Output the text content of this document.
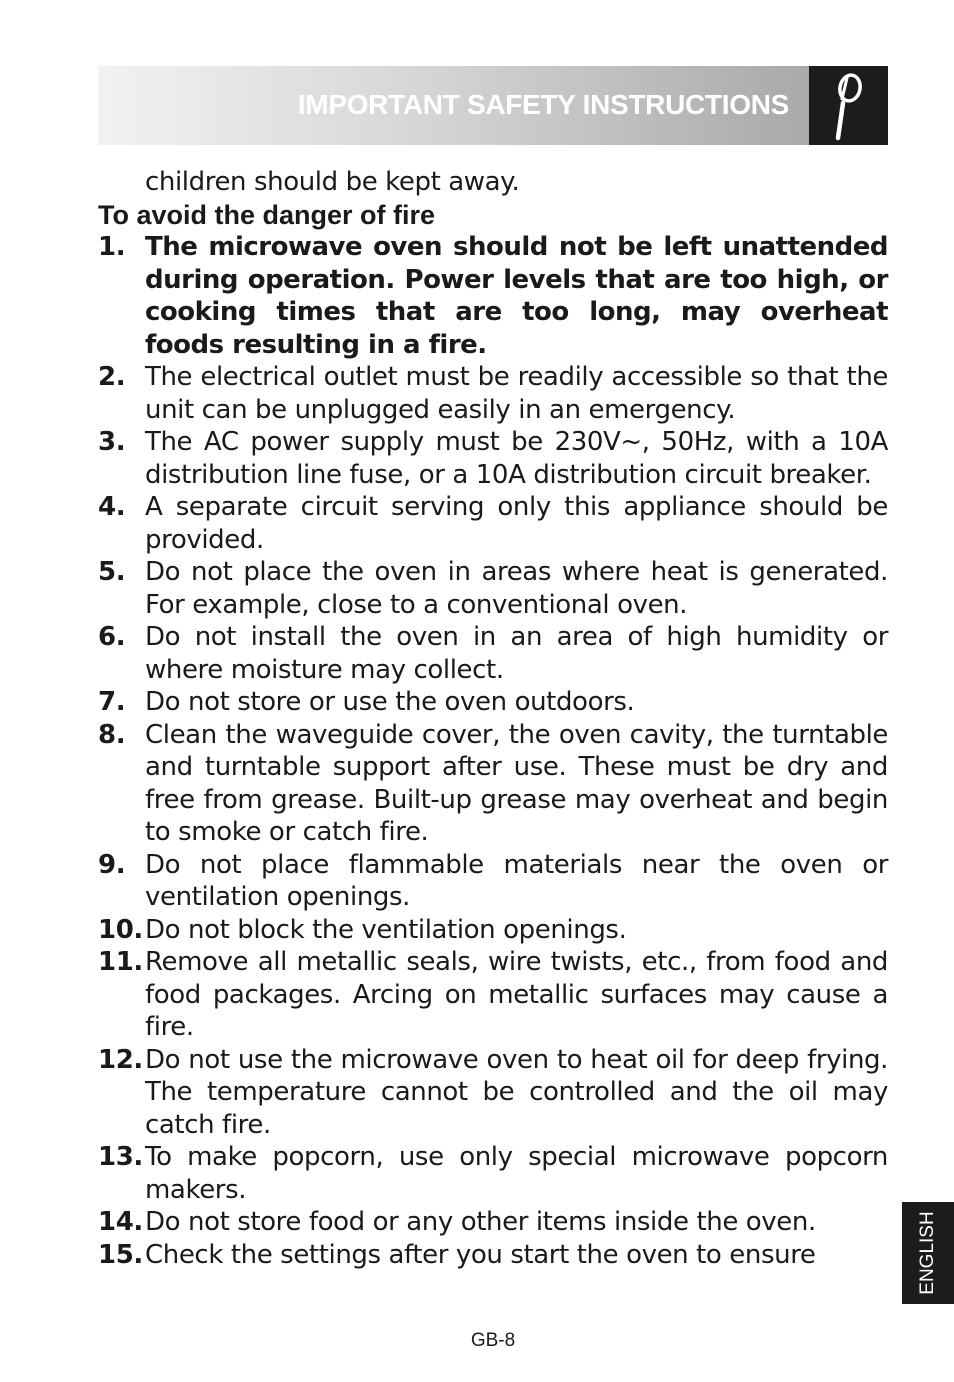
IMPORTANT SAFETY INSTRUCTIONS
children should be kept away.
To avoid the danger of fire
1. The microwave oven should not be left unattended during operation. Power levels that are too high, or cooking times that are too long, may overheat foods resulting in a fire.
2. The electrical outlet must be readily accessible so that the unit can be unplugged easily in an emergency.
3. The AC power supply must be 230V~, 50Hz, with a 10A distribution line fuse, or a 10A distribution circuit breaker.
4. A separate circuit serving only this appliance should be provided.
5. Do not place the oven in areas where heat is generated. For example, close to a conventional oven.
6. Do not install the oven in an area of high humidity or where moisture may collect.
7. Do not store or use the oven outdoors.
8. Clean the waveguide cover, the oven cavity, the turntable and turntable support after use. These must be dry and free from grease. Built-up grease may overheat and begin to smoke or catch fire.
9. Do not place flammable materials near the oven or ventilation openings.
10. Do not block the ventilation openings.
11. Remove all metallic seals, wire twists, etc., from food and food packages. Arcing on metallic surfaces may cause a fire.
12. Do not use the microwave oven to heat oil for deep frying. The temperature cannot be controlled and the oil may catch fire.
13. To make popcorn, use only special microwave popcorn makers.
14. Do not store food or any other items inside the oven.
15. Check the settings after you start the oven to ensure	ENGLISH
GB-8
